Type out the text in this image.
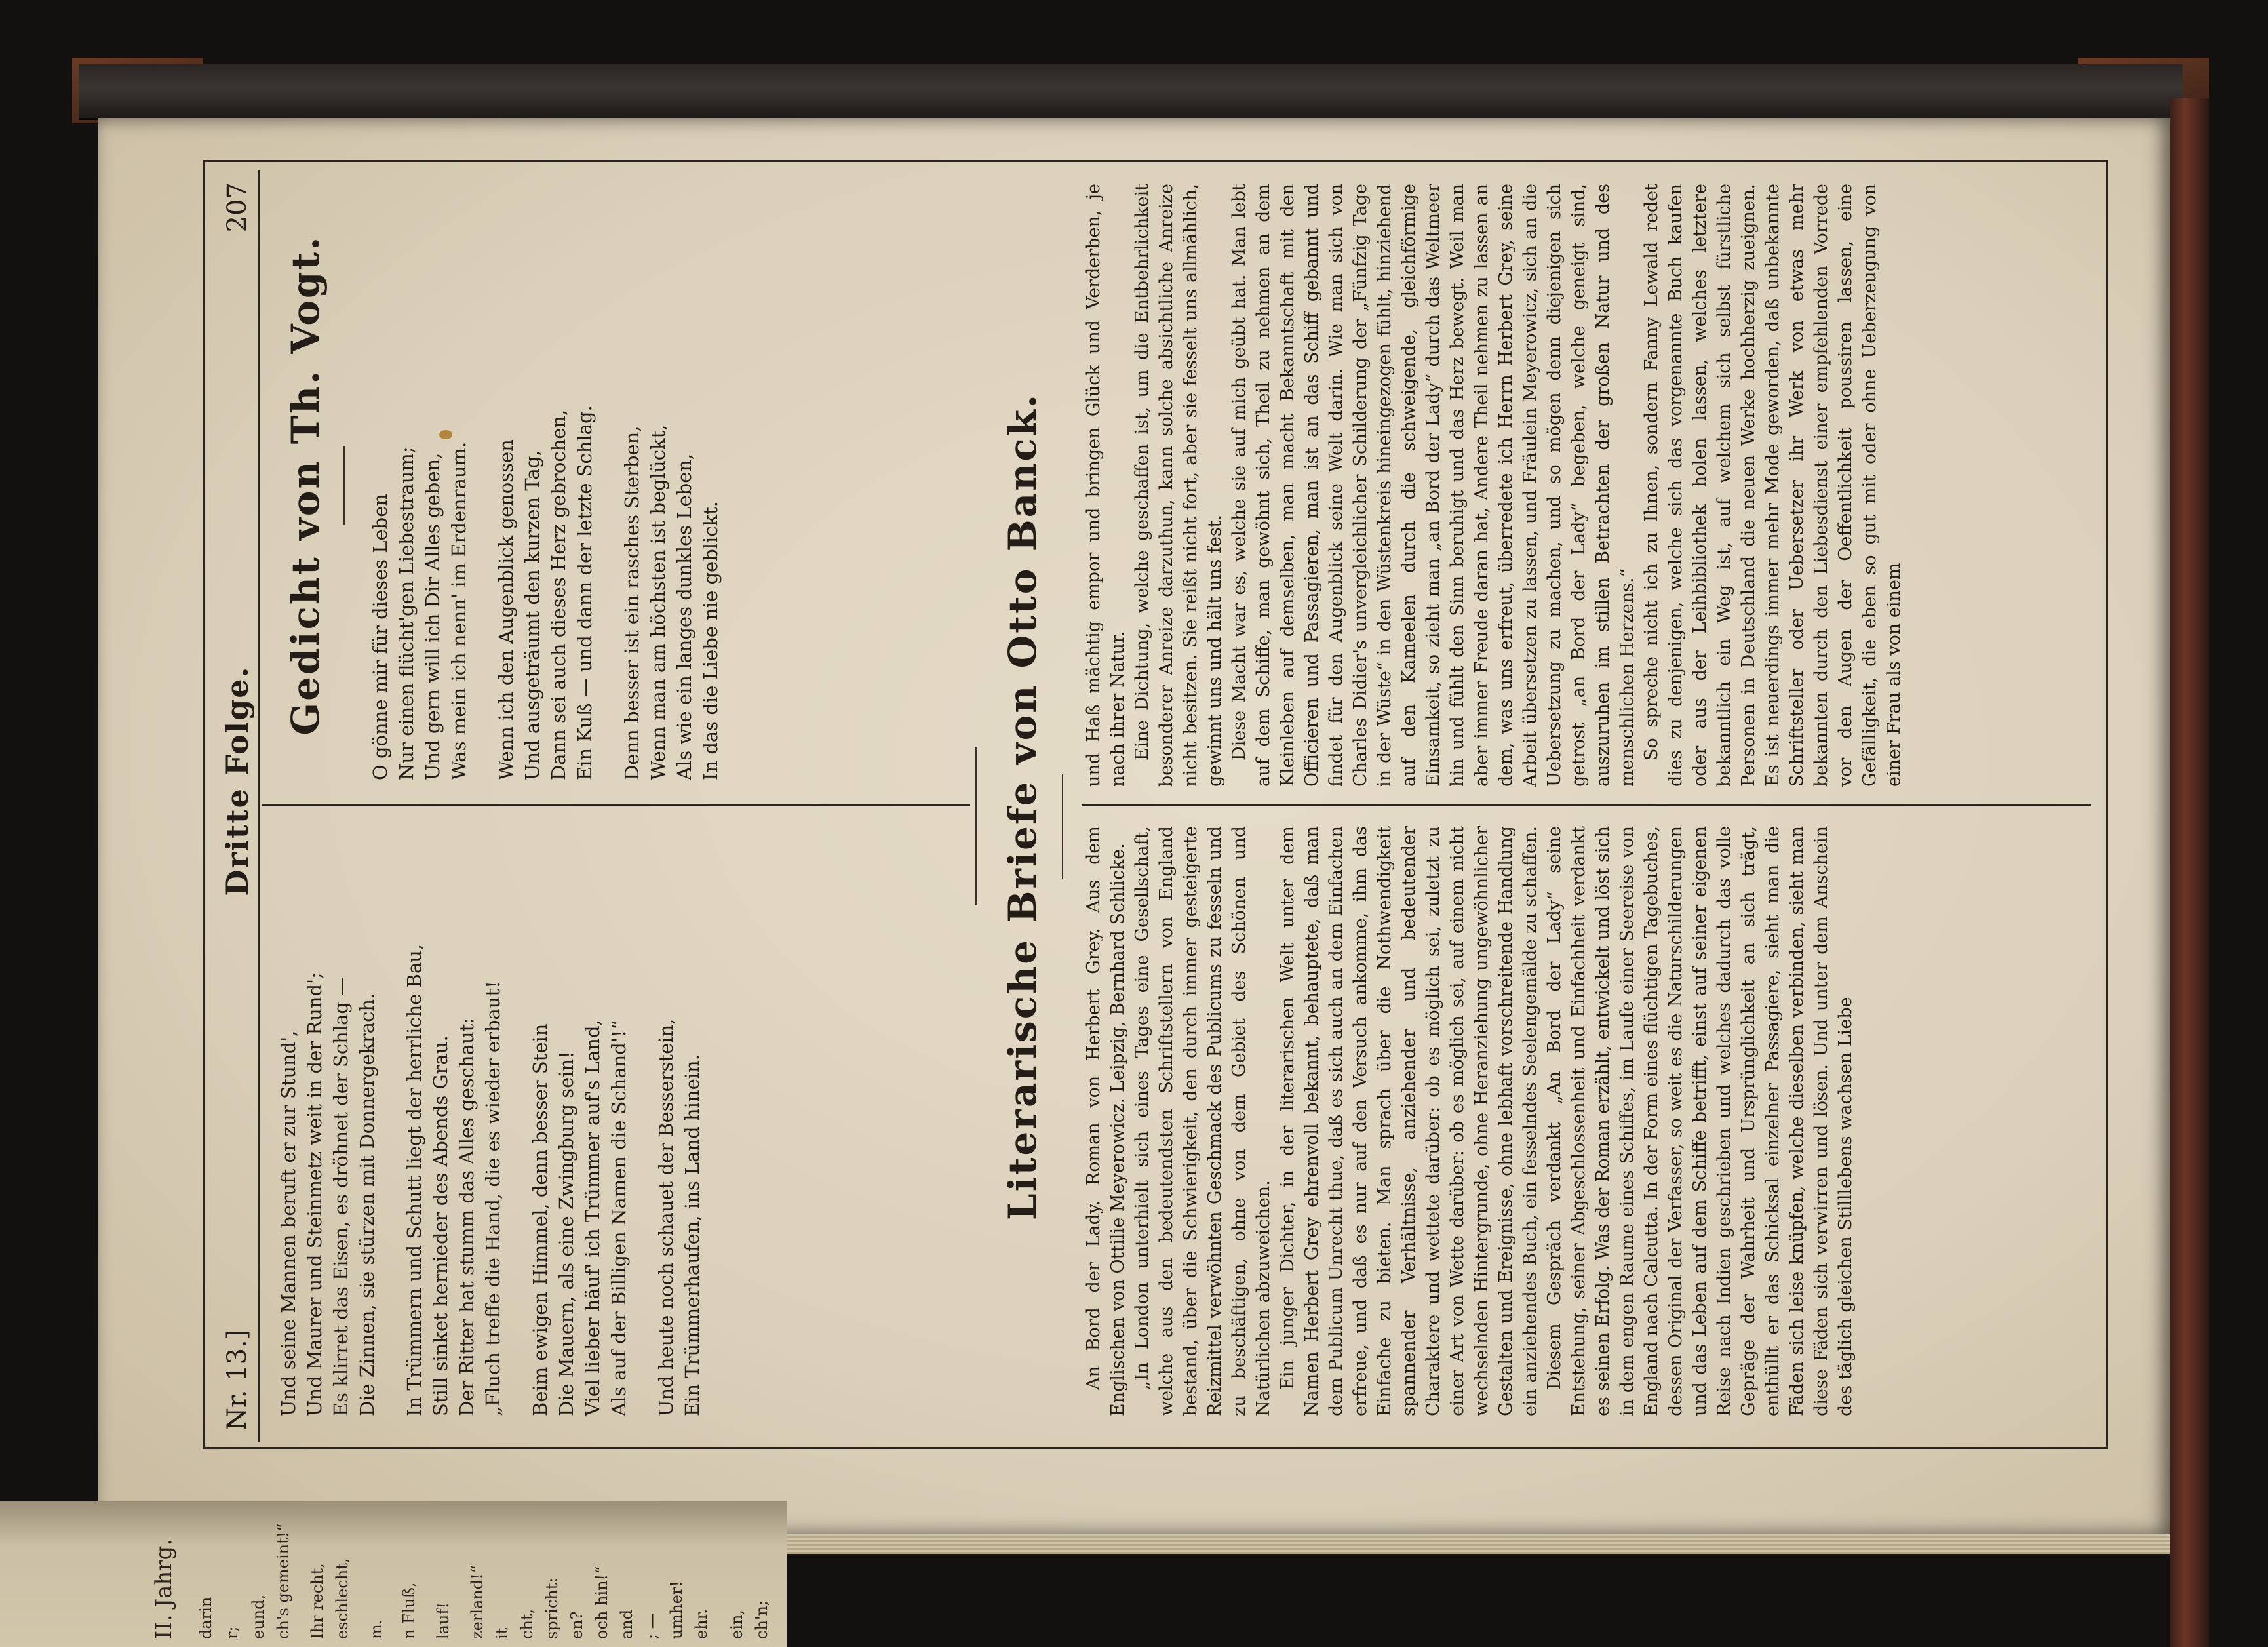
Nr. 13.]
Dritte Folge.
207

Und seine Mannen beruft er zur Stund', Und Maurer und Steinmetz weit in der Rund'; Es klirret das Eisen, es dröhnet der Schlag — Die Zinnen, sie stürzen mit Donnergekrach. In Trümmern und Schutt liegt der herrliche Bau, Still sinket hernieder des Abends Grau. Der Ritter hat stumm das Alles geschaut: „Fluch treffe die Hand, die es wieder erbaut! Beim ewigen Himmel, denn besser Stein Die Mauern, als eine Zwingburg sein! Viel lieber häuf' ich Trümmer auf's Land, Als auf der Billigen Namen die Schand'!“ Und heute noch schauet der Besserstein, Ein Trümmerhaufen, ins Land hinein.

Gedicht von Th. Vogt. O gönne mir für dieses Leben Nur einen flücht'gen Liebestraum; Und gern will ich Dir Alles geben, Was mein ich nenn' im Erdenraum. Wenn ich den Augenblick genossen Und ausgeträumt den kurzen Tag, Dann sei auch dieses Herz gebrochen, Ein Kuß — und dann der letzte Schlag. Denn besser ist ein rasches Sterben, Wenn man am höchsten ist beglückt, Als wie ein langes dunkles Leben, In das die Liebe nie geblickt.	Literarische Briefe von Otto Banck. An Bord der Lady. Roman von Herbert Grey. Aus dem Englischen von Ottilie Meyerowicz. Leipzig, Bernhard Schlicke. „In London unterhielt sich eines Tages eine Gesellschaft, welche aus den bedeutendsten Schriftstellern von England bestand, über die Schwierigkeit, den durch immer gesteigerte Reizmittel verwöhnten Geschmack des Publicums zu fesseln und zu beschäftigen, ohne von dem Gebiet des Schönen und Natürlichen abzuweichen. Ein junger Dichter, in der literarischen Welt unter dem Namen Herbert Grey ehrenvoll bekannt, behauptete, daß man dem Publicum Unrecht thue, daß es sich auch an dem Einfachen erfreue, und daß es nur auf den Versuch ankomme, ihm das Einfache zu bieten. Man sprach über die Nothwendigkeit spannender Verhältnisse, anziehender und bedeutender Charaktere und wettete darüber: ob es möglich sei, zuletzt zu einer Art von Wette darüber: ob es möglich sei, auf einem nicht wechselnden Hintergrunde, ohne Heranziehung ungewöhnlicher Gestalten und Ereignisse, ohne lebhaft vorschreitende Handlung ein anziehendes Buch, ein fesselndes Seelengemälde zu schaffen. Diesem Gespräch verdankt „An Bord der Lady“ seine Entstehung, seiner Abgeschlossenheit und Einfachheit verdankt es seinen Erfolg. Was der Roman erzählt, entwickelt und löst sich in dem engen Raume eines Schiffes, im Laufe einer Seereise von England nach Calcutta. In der Form eines flüchtigen Tagebuches, dessen Original der Verfasser, so weit es die Naturschilderungen und das Leben auf dem Schiffe betrifft, einst auf seiner eigenen Reise nach Indien geschrieben und welches dadurch das volle Gepräge der Wahrheit und Ursprünglichkeit an sich trägt, enthüllt er das Schicksal einzelner Passagiere, sieht man die Fäden sich leise knüpfen, welche dieselben verbinden, sieht man diese Fäden sich verwirren und lösen. Und unter dem Anschein des täglich gleichen Stilllebens wachsen Liebe

und Haß mächtig empor und bringen Glück und Verderben, je nach ihrer Natur. Eine Dichtung, welche geschaffen ist, um die Entbehrlichkeit besonderer Anreize darzuthun, kann solche absichtliche Anreize nicht besitzen. Sie reißt nicht fort, aber sie fesselt uns allmählich, gewinnt uns und hält uns fest. Diese Macht war es, welche sie auf mich geübt hat. Man lebt auf dem Schiffe, man gewöhnt sich, Theil zu nehmen an dem Kleinleben auf demselben, man macht Bekanntschaft mit den Officieren und Passagieren, man ist an das Schiff gebannt und findet für den Augenblick seine Welt darin. Wie man sich von Charles Didier's unvergleichlicher Schilderung der „Fünfzig Tage in der Wüste“ in den Wüstenkreis hineingezogen fühlt, hinziehend auf den Kameelen durch die schweigende, gleichförmige Einsamkeit, so zieht man „an Bord der Lady“ durch das Weltmeer hin und fühlt den Sinn beruhigt und das Herz bewegt. Weil man aber immer Freude daran hat, Andere Theil nehmen zu lassen an dem, was uns erfreut, überredete ich Herrn Herbert Grey, seine Arbeit übersetzen zu lassen, und Fräulein Meyerowicz, sich an die Uebersetzung zu machen, und so mögen denn diejenigen sich getrost „an Bord der Lady“ begeben, welche geneigt sind, auszuruhen im stillen Betrachten der großen Natur und des menschlichen Herzens.“ So spreche nicht ich zu Ihnen, sondern Fanny Lewald redet dies zu denjenigen, welche sich das vorgenannte Buch kaufen oder aus der Leihbibliothek holen lassen, welches letztere bekanntlich ein Weg ist, auf welchem sich selbst fürstliche Personen in Deutschland die neuen Werke hochherzig zueignen. Es ist neuerdings immer mehr Mode geworden, daß unbekannte Schriftsteller oder Uebersetzer ihr Werk von etwas mehr bekannten durch den Liebesdienst einer empfehlenden Vorrede vor den Augen der Oeffentlichkeit poussiren lassen, eine Gefälligkeit, die eben so gut mit oder ohne Ueberzeugung von einer Frau als von einem

II. Jahrg. darin r; eund, ch's gemeint!“ Ihr recht, eschlecht, m. n Fluß, lauf! zerland!“ it cht, spricht: en? och hin!“ and ; — umher! ehr. ein, ch'n;
